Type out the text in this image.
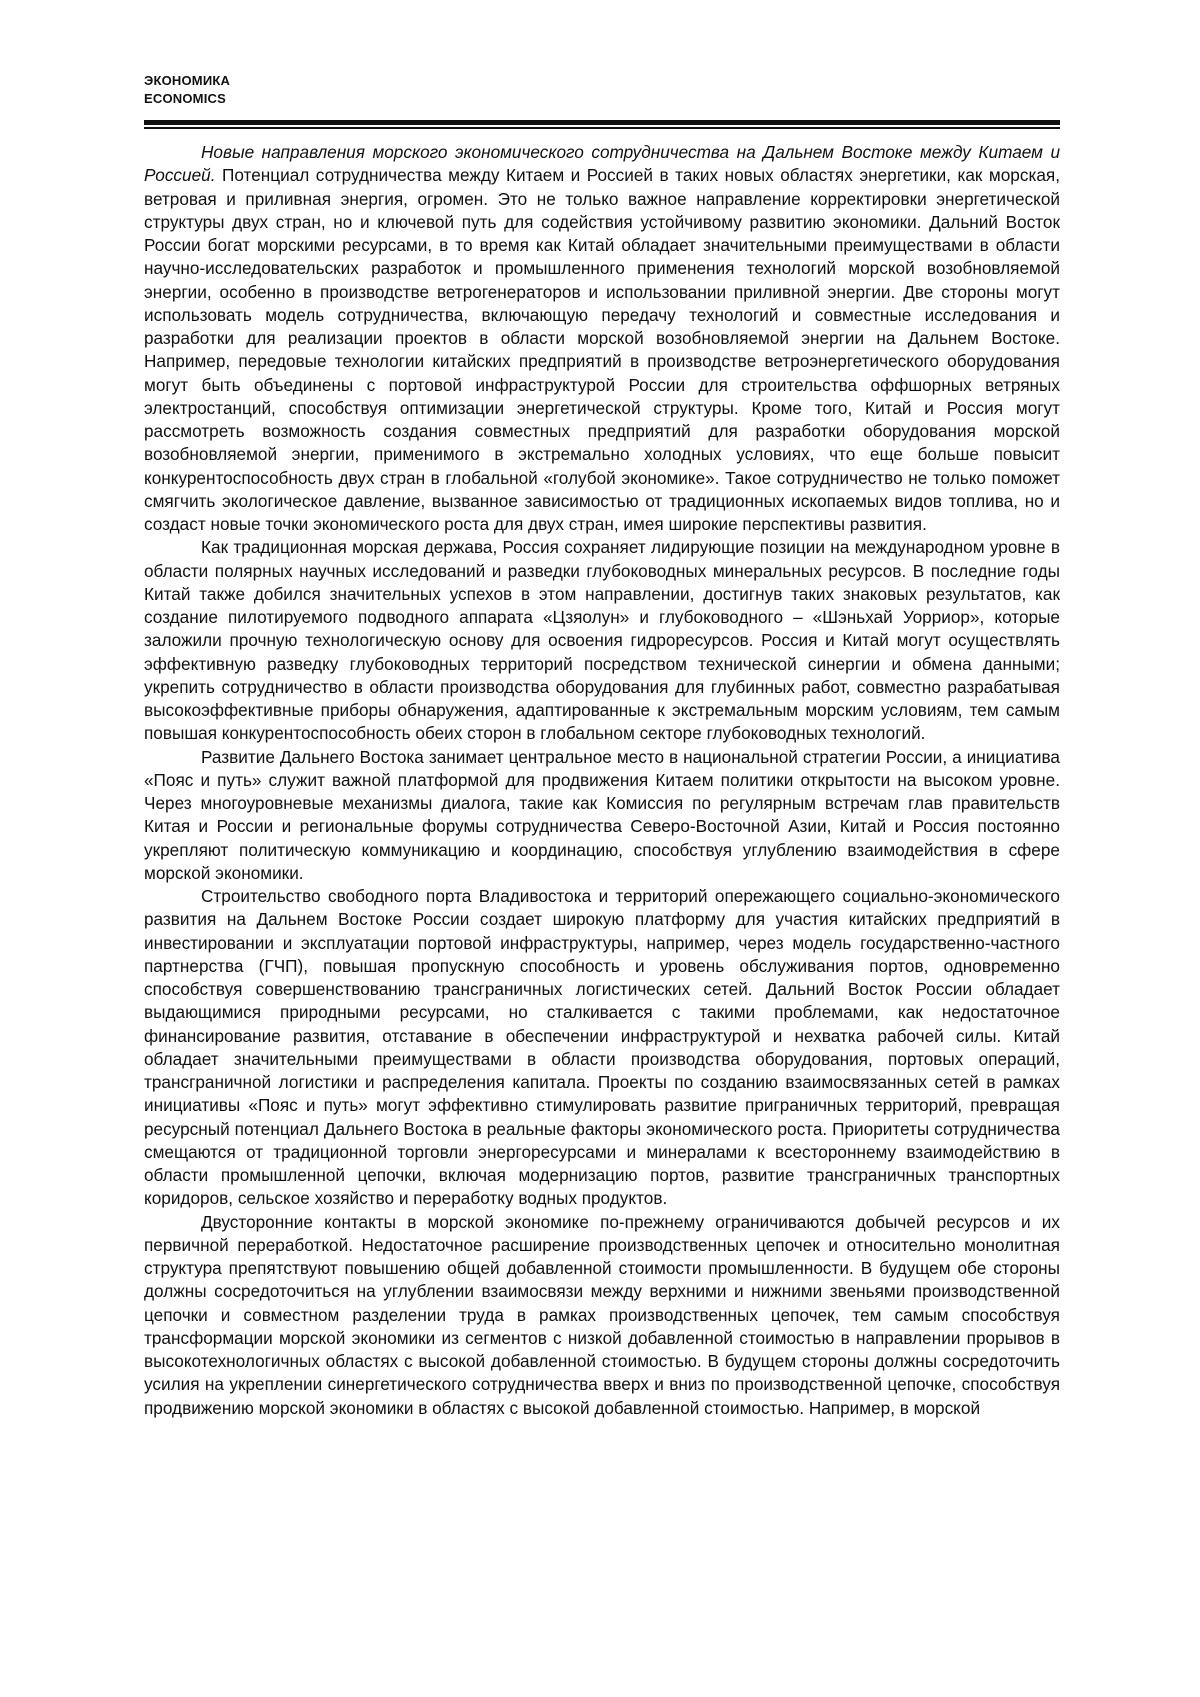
ЭКОНОМИКА
ECONOMICS

Новые направления морского экономического сотрудничества на Дальнем Востоке между Китаем и Россией. Потенциал сотрудничества между Китаем и Россией в таких новых областях энергетики, как морская, ветровая и приливная энергия, огромен. Это не только важное направление корректировки энергетической структуры двух стран, но и ключевой путь для содействия устойчивому развитию экономики. Дальний Восток России богат морскими ресурсами, в то время как Китай обладает значительными преимуществами в области научно-исследовательских разработок и промышленного применения технологий морской возобновляемой энергии, особенно в производстве ветрогенераторов и использовании приливной энергии. Две стороны могут использовать модель сотрудничества, включающую передачу технологий и совместные исследования и разработки для реализации проектов в области морской возобновляемой энергии на Дальнем Востоке. Например, передовые технологии китайских предприятий в производстве ветроэнергетического оборудования могут быть объединены с портовой инфраструктурой России для строительства оффшорных ветряных электростанций, способствуя оптимизации энергетической структуры. Кроме того, Китай и Россия могут рассмотреть возможность создания совместных предприятий для разработки оборудования морской возобновляемой энергии, применимого в экстремально холодных условиях, что еще больше повысит конкурентоспособность двух стран в глобальной «голубой экономике». Такое сотрудничество не только поможет смягчить экологическое давление, вызванное зависимостью от традиционных ископаемых видов топлива, но и создаст новые точки экономического роста для двух стран, имея широкие перспективы развития.

Как традиционная морская держава, Россия сохраняет лидирующие позиции на международном уровне в области полярных научных исследований и разведки глубоководных минеральных ресурсов. В последние годы Китай также добился значительных успехов в этом направлении, достигнув таких знаковых результатов, как создание пилотируемого подводного аппарата «Цзяолун» и глубоководного – «Шэньхай Уорриор», которые заложили прочную технологическую основу для освоения гидроресурсов. Россия и Китай могут осуществлять эффективную разведку глубоководных территорий посредством технической синергии и обмена данными; укрепить сотрудничество в области производства оборудования для глубинных работ, совместно разрабатывая высокоэффективные приборы обнаружения, адаптированные к экстремальным морским условиям, тем самым повышая конкурентоспособность обеих сторон в глобальном секторе глубоководных технологий.

Развитие Дальнего Востока занимает центральное место в национальной стратегии России, а инициатива «Пояс и путь» служит важной платформой для продвижения Китаем политики открытости на высоком уровне. Через многоуровневые механизмы диалога, такие как Комиссия по регулярным встречам глав правительств Китая и России и региональные форумы сотрудничества Северо-Восточной Азии, Китай и Россия постоянно укрепляют политическую коммуникацию и координацию, способствуя углублению взаимодействия в сфере морской экономики.

Строительство свободного порта Владивостока и территорий опережающего социально-экономического развития на Дальнем Востоке России создает широкую платформу для участия китайских предприятий в инвестировании и эксплуатации портовой инфраструктуры, например, через модель государственно-частного партнерства (ГЧП), повышая пропускную способность и уровень обслуживания портов, одновременно способствуя совершенствованию трансграничных логистических сетей. Дальний Восток России обладает выдающимися природными ресурсами, но сталкивается с такими проблемами, как недостаточное финансирование развития, отставание в обеспечении инфраструктурой и нехватка рабочей силы. Китай обладает значительными преимуществами в области производства оборудования, портовых операций, трансграничной логистики и распределения капитала. Проекты по созданию взаимосвязанных сетей в рамках инициативы «Пояс и путь» могут эффективно стимулировать развитие приграничных территорий, превращая ресурсный потенциал Дальнего Востока в реальные факторы экономического роста. Приоритеты сотрудничества смещаются от традиционной торговли энергоресурсами и минералами к всестороннему взаимодействию в области промышленной цепочки, включая модернизацию портов, развитие трансграничных транспортных коридоров, сельское хозяйство и переработку водных продуктов.

Двусторонние контакты в морской экономике по-прежнему ограничиваются добычей ресурсов и их первичной переработкой. Недостаточное расширение производственных цепочек и относительно монолитная структура препятствуют повышению общей добавленной стоимости промышленности. В будущем обе стороны должны сосредоточиться на углублении взаимосвязи между верхними и нижними звеньями производственной цепочки и совместном разделении труда в рамках производственных цепочек, тем самым способствуя трансформации морской экономики из сегментов с низкой добавленной стоимостью в направлении прорывов в высокотехнологичных областях с высокой добавленной стоимостью. В будущем стороны должны сосредоточить усилия на укреплении синергетического сотрудничества вверх и вниз по производственной цепочке, способствуя продвижению морской экономики в областях с высокой добавленной стоимостью. Например, в морской
